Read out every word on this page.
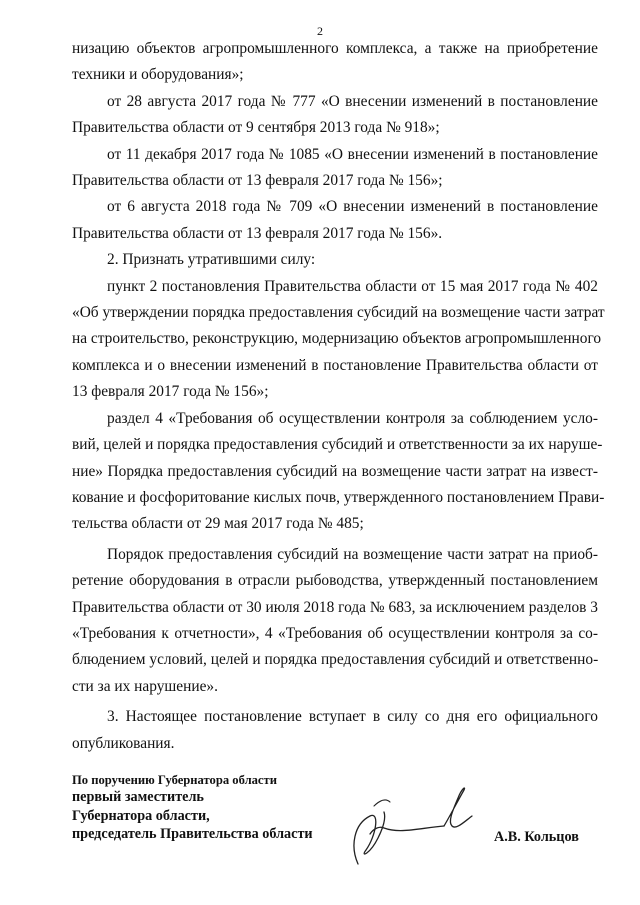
2
низацию объектов агропромышленного комплекса, а также на приобретение
техники и оборудования»;
от 28 августа 2017 года № 777 «О внесении изменений в постановление
Правительства области от 9 сентября 2013 года № 918»;
от 11 декабря 2017 года № 1085 «О внесении изменений в постановление
Правительства области от 13 февраля 2017 года № 156»;
от 6 августа 2018 года № 709 «О внесении изменений в постановление
Правительства области от 13 февраля 2017 года № 156».
2. Признать утратившими силу:
пункт 2 постановления Правительства области от 15 мая 2017 года № 402
«Об утверждении порядка предоставления субсидий на возмещение части затрат
на строительство, реконструкцию, модернизацию объектов агропромышленного
комплекса и о внесении изменений в постановление Правительства области от
13 февраля 2017 года № 156»;
раздел 4 «Требования об осуществлении контроля за соблюдением усло-
вий, целей и порядка предоставления субсидий и ответственности за их наруше-
ние» Порядка предоставления субсидий на возмещение части затрат на извест-
кование и фосфоритование кислых почв, утвержденного постановлением Прави-
тельства области от 29 мая 2017 года № 485;
Порядок предоставления субсидий на возмещение части затрат на приоб-
ретение оборудования в отрасли рыбоводства, утвержденный постановлением
Правительства области от 30 июля 2018 года № 683, за исключением разделов 3
«Требования к отчетности», 4 «Требования об осуществлении контроля за со-
блюдением условий, целей и порядка предоставления субсидий и ответственно-
сти за их нарушение».
3. Настоящее постановление вступает в силу со дня его официального
опубликования.
По поручению Губернатора области
первый заместитель
Губернатора области,
председатель Правительства области	А.В. Кольцов
